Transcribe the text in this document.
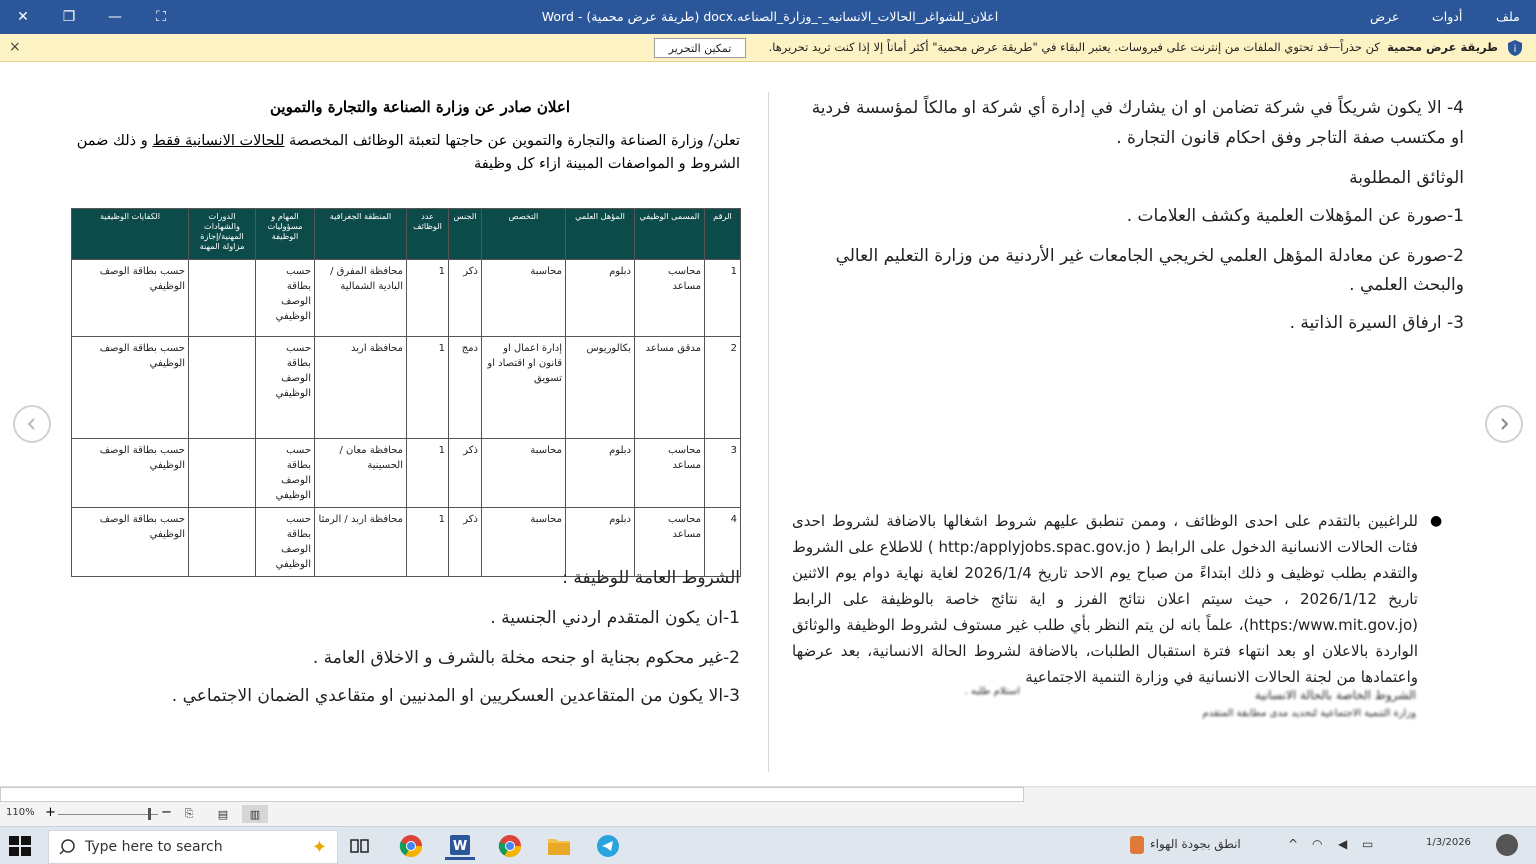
✕ ❐ — ⛶	اعلان_للشواغر_الحالات_الانسانيه_-_وزارة_الصناعه.docx (طريقة عرض محمية) - Word	ملف
أدوات
عرض
i
طريقة عرض محمية  كن حذراً—قد تحتوي الملفات من إنترنت على فيروسات. يعتبر البقاء في "طريقة عرض محمية" أكثر أماناً إلا إذا كنت تريد تحريرها.
تمكين التحرير
×
اعلان صادر عن وزارة الصناعة والتجارة والتموين
تعلن/ وزارة الصناعة والتجارة والتموين عن حاجتها لتعبئة الوظائف المخصصة للحالات الانسانية فقط و ذلك ضمن الشروط و المواصفات المبينة ازاء كل وظيفة
الرقم	المسمى الوظيفي	المؤهل العلمي	التخصص	الجنس	عدد الوظائف	المنطقة الجغرافية	المهام و مسؤوليات الوظيفة	الدورات والشهادات المهنية/إجازة مزاولة المهنة	الكفايات الوظيفية
1	محاسب مساعد	دبلوم	محاسبة	ذكر	1	محافظة المفرق / البادية الشمالية	حسب بطاقة الوصف الوظيفي		حسب بطاقة الوصف الوظيفي
2	مدقق مساعد	بكالوريوس	إدارة اعمال او قانون او اقتصاد او تسويق	دمج	1	محافظة اربد	حسب بطاقة الوصف الوظيفي		حسب بطاقة الوصف الوظيفي
3	محاسب مساعد	دبلوم	محاسبة	ذكر	1	محافظة معان / الحسينية	حسب بطاقة الوصف الوظيفي		حسب بطاقة الوصف الوظيفي
4	محاسب مساعد	دبلوم	محاسبة	ذكر	1	محافظة اربد / الرمثا	حسب بطاقة الوصف الوظيفي		حسب بطاقة الوصف الوظيفي
الشروط العامة للوظيفة :
1-ان يكون المتقدم اردني الجنسية .
2-غير محكوم بجناية او جنحه مخلة بالشرف و الاخلاق العامة .
3-الا يكون من المتقاعدين العسكريين او المدنيين او متقاعدي الضمان الاجتماعي .
4- الا يكون شريكاً في شركة تضامن او ان يشارك في إدارة أي شركة او مالكاً لمؤسسة فردية
او مكتسب صفة التاجر وفق احكام قانون التجارة .
الوثائق المطلوبة
1-صورة عن المؤهلات العلمية وكشف العلامات .
2-صورة عن معادلة المؤهل العلمي لخريجي الجامعات غير الأردنية من وزارة التعليم العالي
والبحث العلمي .
3- ارفاق السيرة الذاتية .
●
للراغبين بالتقدم على احدى الوظائف ، وممن تنطبق عليهم شروط اشغالها بالاضافة لشروط احدى فئات الحالات الانسانية الدخول على الرابط ( http:/applyjobs.spac.gov.jo ) للاطلاع على الشروط والتقدم بطلب توظيف و ذلك ابتداءً من صباح يوم الاحد تاريخ 2026/1/4 لغاية نهاية دوام يوم الاثنين تاريخ 2026/1/12 ، حيث سيتم اعلان نتائج الفرز و اية نتائج خاصة بالوظيفة على الرابط (https:/www.mit.gov.jo)، علماً بانه لن يتم النظر بأي طلب غير مستوف لشروط الوظيفة والوثائق الواردة بالاعلان او بعد انتهاء فترة استقبال الطلبات، بالاضافة لشروط الحالة الانسانية، بعد عرضها واعتمادها من لجنة الحالات الانسانية في وزارة التنمية الاجتماعية
استلام طلبه .	الشروط الخاصة بالحالة الانسانية
وزارة التنمية الاجتماعية لتحديد مدى مطابقة المتقدم
110% +	−	⎘	▤	▥
Type here to search	✦	W	انطق بجودة الهواء	^ ◠ ◀ ▭	1/3/2026
